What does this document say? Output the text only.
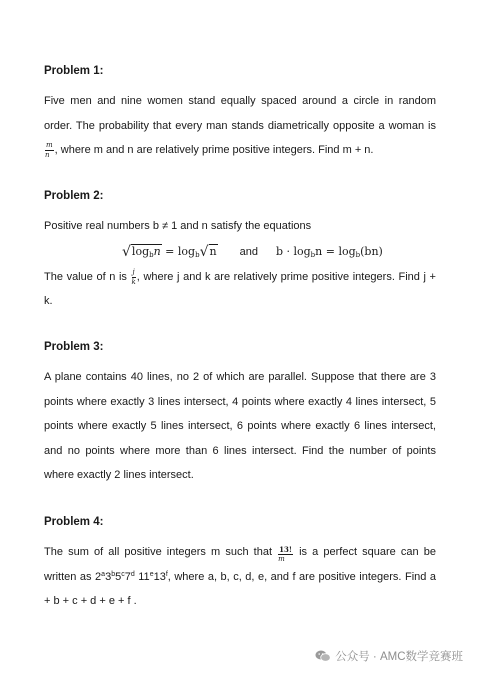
Problem 1:

Five men and nine women stand equally spaced around a circle in random order. The probability that every man stands diametrically opposite a woman is
$\frac{m}{n}$ , where m and n are relatively prime positive integers. Find m + n.

Problem 2:

Positive real numbers b ≠ 1 and n satisfy the equations

$√\log_bn = \log_b√n$ and $b \cdot \log_bn = \log_b(bn)$

The value of n is $\frac{j}{k}$ , where j and k are relatively prime positive integers. Find j + k.

Problem 3:

A plane contains 40 lines, no 2 of which are parallel. Suppose that there are 3 points where exactly 3 lines intersect, 4 points where exactly 4 lines intersect, 5 points where exactly 5 lines intersect, 6 points where exactly 6 lines intersect, and no points where more than 6 lines intersect. Find the number of points where exactly 2 lines intersect.

Problem 4:

The sum of all positive integers m such that $\frac{13!}{m}$ is a perfect square can be written as 2$^a$3$^b$5$^c$7$^d$ 11e13$^f$, where a, b, c, d, e, and f are positive integers. Find a + b + c + d + e + f .

公众号 · AMC数学竞赛班
